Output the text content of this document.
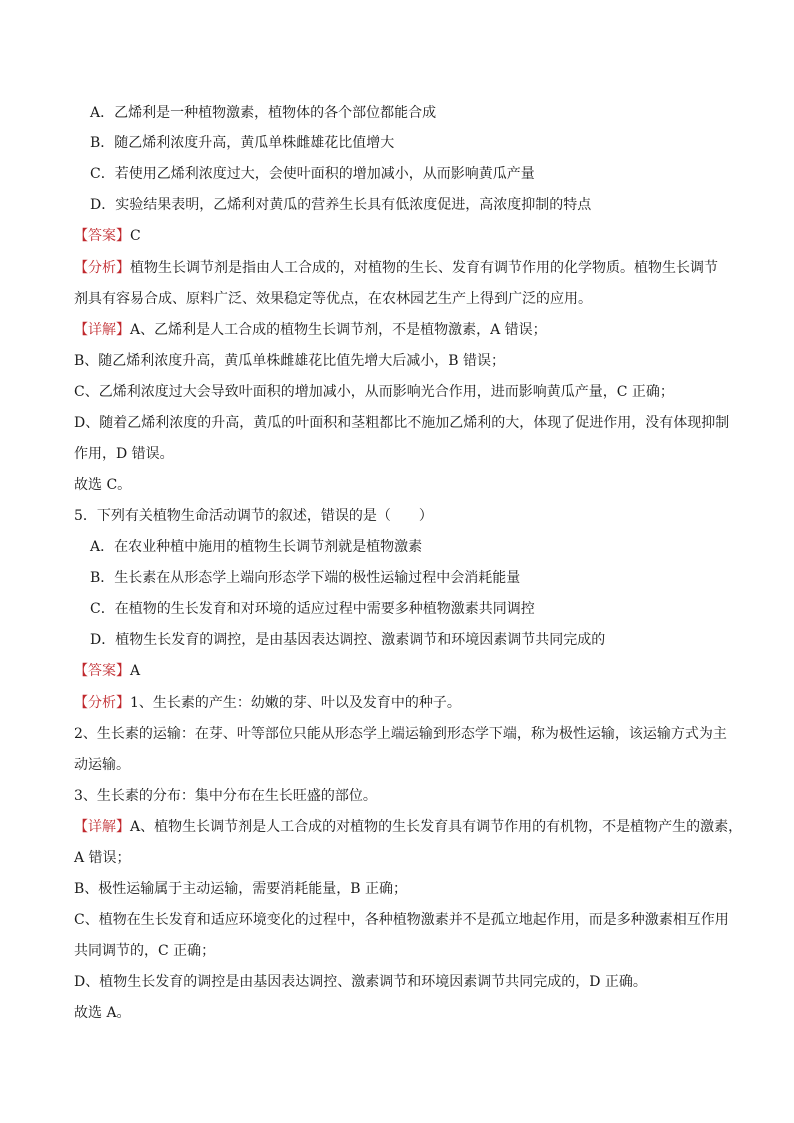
A．乙烯利是一种植物激素，植物体的各个部位都能合成
B．随乙烯利浓度升高，黄瓜单株雌雄花比值增大
C．若使用乙烯利浓度过大，会使叶面积的增加减小，从而影响黄瓜产量
D．实验结果表明，乙烯利对黄瓜的营养生长具有低浓度促进，高浓度抑制的特点
【答案】C
【分析】植物生长调节剂是指由人工合成的，对植物的生长、发育有调节作用的化学物质。植物生长调节
剂具有容易合成、原料广泛、效果稳定等优点，在农林园艺生产上得到广泛的应用。
【详解】A、乙烯利是人工合成的植物生长调节剂，不是植物激素，A 错误；
B、随乙烯利浓度升高，黄瓜单株雌雄花比值先增大后减小，B 错误；
C、乙烯利浓度过大会导致叶面积的增加减小，从而影响光合作用，进而影响黄瓜产量，C 正确；
D、随着乙烯利浓度的升高，黄瓜的叶面积和茎粗都比不施加乙烯利的大，体现了促进作用，没有体现抑制
作用，D 错误。
故选 C。
5．下列有关植物生命活动调节的叙述，错误的是（　　）
A．在农业种植中施用的植物生长调节剂就是植物激素
B．生长素在从形态学上端向形态学下端的极性运输过程中会消耗能量
C．在植物的生长发育和对环境的适应过程中需要多种植物激素共同调控
D．植物生长发育的调控，是由基因表达调控、激素调节和环境因素调节共同完成的
【答案】A
【分析】1、生长素的产生：幼嫩的芽、叶以及发育中的种子。
2、生长素的运输：在芽、叶等部位只能从形态学上端运输到形态学下端，称为极性运输，该运输方式为主
动运输。
3、生长素的分布：集中分布在生长旺盛的部位。
【详解】A、植物生长调节剂是人工合成的对植物的生长发育具有调节作用的有机物，不是植物产生的激素，
A 错误；
B、极性运输属于主动运输，需要消耗能量，B 正确；
C、植物在生长发育和适应环境变化的过程中，各种植物激素并不是孤立地起作用，而是多种激素相互作用
共同调节的，C 正确；
D、植物生长发育的调控是由基因表达调控、激素调节和环境因素调节共同完成的，D 正确。
故选 A。
